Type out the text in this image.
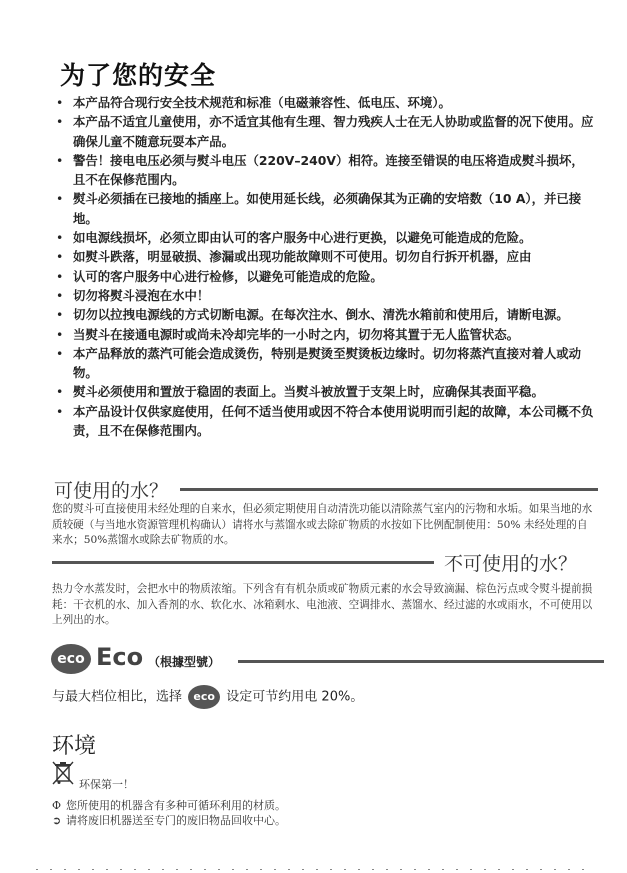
为了您的安全
• 本产品符合现行安全技术规范和标准（电磁兼容性、低电压、环境）。
• 本产品不适宜儿童使用，亦不适宜其他有生理、智力残疾人士在无人协助或监督的况下使用。应确保儿童不随意玩耍本产品。
• 警告！接电电压必须与熨斗电压（220V–240V）相符。连接至错误的电压将造成熨斗损坏，且不在保修范围内。
• 熨斗必须插在已接地的插座上。如使用延长线，必须确保其为正确的安培数（10 A），并已接地。
• 如电源线损坏，必须立即由认可的客户服务中心进行更换，以避免可能造成的危险。
• 如熨斗跌落，明显破损、渗漏或出现功能故障则不可使用。切勿自行拆开机器，应由
• 认可的客户服务中心进行检修，以避免可能造成的危险。
• 切勿将熨斗浸泡在水中！
• 切勿以拉拽电源线的方式切断电源。在每次注水、倒水、清洗水箱前和使用后，请断电源。
• 当熨斗在接通电源时或尚未冷却完毕的一小时之内，切勿将其置于无人监管状态。
• 本产品释放的蒸汽可能会造成烫伤，特别是熨烫至熨烫板边缘时。切勿将蒸汽直接对着人或动物。
• 熨斗必须使用和置放于稳固的表面上。当熨斗被放置于支架上时，应确保其表面平稳。
• 本产品设计仅供家庭使用，任何不适当使用或因不符合本使用说明而引起的故障，本公司概不负责，且不在保修范围内。
可使用的水？

您的熨斗可直接使用未经处理的自来水，但必须定期使用自动清洗功能以清除蒸气室内的污物和水垢。如果当地的水质较硬（与当地水资源管理机构确认）请将水与蒸馏水或去除矿物质的水按如下比例配制使用：50% 未经处理的自来水；50%蒸馏水或除去矿物质的水。

不可使用的水？

热力令水蒸发时，会把水中的物质浓缩。下列含有有机杂质或矿物质元素的水会导致滴漏、棕色污点或令熨斗提前损耗：干衣机的水、加入香剂的水、软化水、冰箱剩水、电池液、空调排水、蒸馏水、经过滤的水或雨水，不可使用以上列出的水。

eco Eco （根據型號）
与最大档位相比，选择 eco 设定可节约用电 20%。
环境
环保第一！
Φ 您所使用的机器含有多种可循环利用的材质。
➲ 请将废旧机器送至专门的废旧物品回收中心。
